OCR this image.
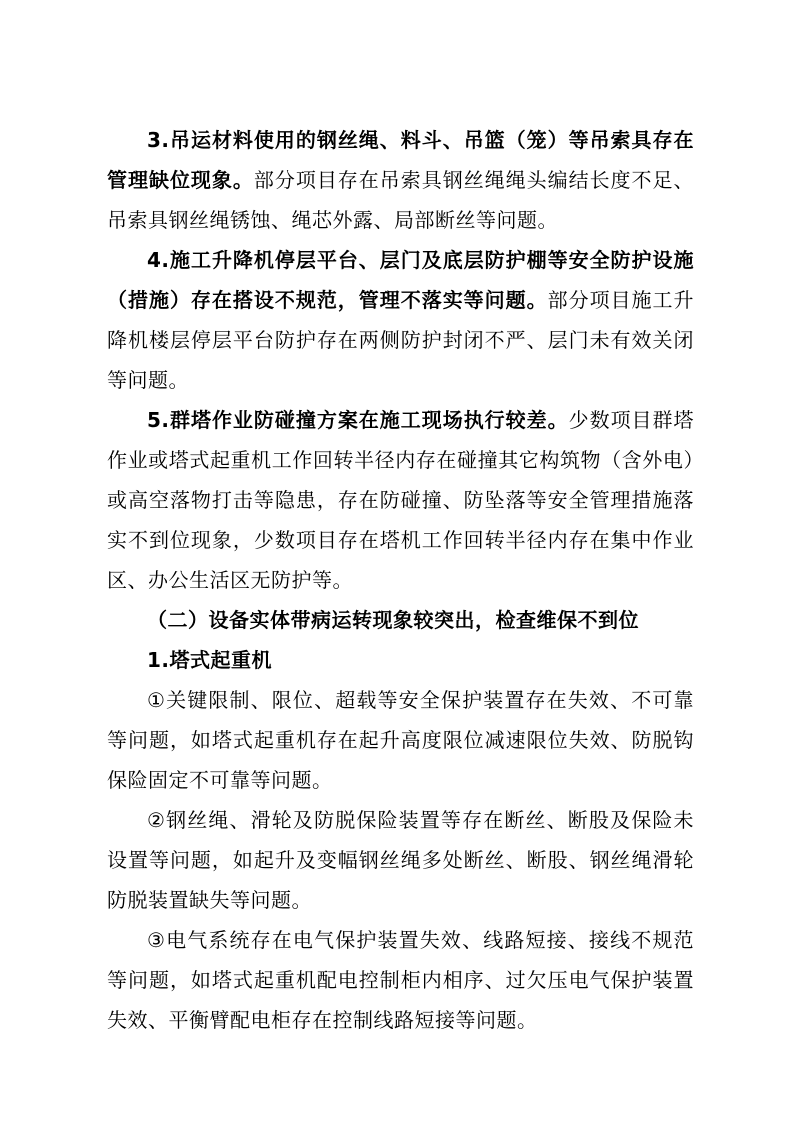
3.吊运材料使用的钢丝绳、料斗、吊篮（笼）等吊索具存在管理缺位现象。部分项目存在吊索具钢丝绳绳头编结长度不足、吊索具钢丝绳锈蚀、绳芯外露、局部断丝等问题。

4.施工升降机停层平台、层门及底层防护棚等安全防护设施（措施）存在搭设不规范，管理不落实等问题。部分项目施工升降机楼层停层平台防护存在两侧防护封闭不严、层门未有效关闭等问题。

5.群塔作业防碰撞方案在施工现场执行较差。少数项目群塔作业或塔式起重机工作回转半径内存在碰撞其它构筑物（含外电）或高空落物打击等隐患，存在防碰撞、防坠落等安全管理措施落实不到位现象，少数项目存在塔机工作回转半径内存在集中作业区、办公生活区无防护等。

（二）设备实体带病运转现象较突出，检查维保不到位

1.塔式起重机

①关键限制、限位、超载等安全保护装置存在失效、不可靠等问题，如塔式起重机存在起升高度限位减速限位失效、防脱钩保险固定不可靠等问题。

②钢丝绳、滑轮及防脱保险装置等存在断丝、断股及保险未设置等问题，如起升及变幅钢丝绳多处断丝、断股、钢丝绳滑轮防脱装置缺失等问题。

③电气系统存在电气保护装置失效、线路短接、接线不规范等问题，如塔式起重机配电控制柜内相序、过欠压电气保护装置失效、平衡臂配电柜存在控制线路短接等问题。
